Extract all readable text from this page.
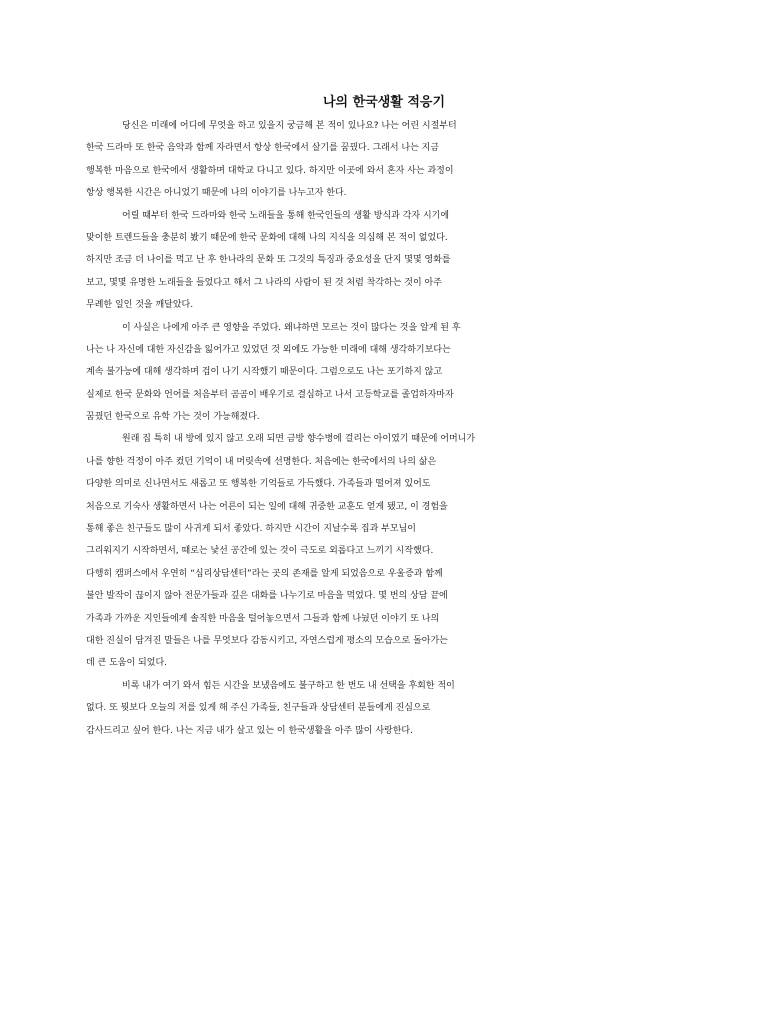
나의 한국생활 적응기
당신은 미래에 어디에 무엇을 하고 있을지 궁금해 본 적이 있나요? 나는 어린 시절부터
한국 드라마 또 한국 음악과 함께 자라면서 항상 한국에서 살기를 꿈꿨다. 그래서 나는 지금
행복한 마음으로 한국에서 생활하며 대학교 다니고 있다. 하지만 이곳에 와서 혼자 사는 과정이
항상 행복한 시간은 아니었기 때문에 나의 이야기를 나누고자 한다.
어릴 때부터 한국 드라마와 한국 노래들을 통해 한국인들의 생활 방식과 각자 시기에
맞이한 트렌드들을 충분히 봤기 때문에 한국 문화에 대해 나의 지식을 의심해 본 적이 없었다.
하지만 조금 더 나이를 먹고 난 후 한나라의 문화 또 그것의 특징과 중요성을 단지 몇몇 영화를
보고, 몇몇 유명한 노래들을 들었다고 해서 그 나라의 사람이 된 것 처럼 착각하는 것이 아주
무례한 일인 것을 깨달았다.
이 사실은 나에게 아주 큰 영향을 주었다. 왜냐하면 모르는 것이 많다는 것을 알게 된 후
나는 나 자신에 대한 자신감을 잃어가고 있었던 것 외에도 가능한 미래에 대해 생각하기보다는
계속 불가능에 대해 생각하며 겁이 나기 시작했기 때문이다. 그럼으로도 나는 포기하지 않고
실제로 한국 문화와 언어를 처음부터 곰곰이 배우기로 결심하고 나서 고등학교를 졸업하자마자
꿈꿨던 한국으로 유학 가는 것이 가능해졌다.
원래 집 특히 내 방에 있지 않고 오래 되면 금방 향수병에 걸리는 아이였기 때문에 어머니가
나를 향한 걱정이 아주 컸던 기억이 내 머릿속에 선명한다. 처음에는 한국에서의 나의 삶은
다양한 의미로 신나면서도 새롭고 또 행복한 기억들로 가득했다. 가족들과 떨어져 있어도
처음으로 기숙사 생활하면서 나는 어른이 되는 일에 대해 귀중한 교훈도 얻게 됐고, 이 경험을
통해 좋은 친구들도 많이 사귀게 되서 좋았다. 하지만 시간이 지날수록 집과 부모님이
그리워지기 시작하면서, 때로는 낯선 공간에 있는 것이 극도로 외롭다고 느끼기 시작했다.
다행히 캠퍼스에서 우연히 “심리상담센터”라는 곳의 존재를 알게 되었음으로 우울증과 함께
불안 발작이 끊이지 않아 전문가들과 깊은 대화를 나누기로 마음을 먹었다. 몇 번의 상담 끝에
가족과 가까운 지인들에게 솔직한 마음을 털어놓으면서 그들과 함께 나눴던 이야기 또 나의
대한 진실이 담겨진 말들은 나를 무엇보다 감동시키고, 자연스럽게 평소의 모습으로 돌아가는
데 큰 도움이 되었다.
비록 내가 여기 와서 힘든 시간을 보냈음에도 불구하고 한 번도 내 선택을 후회한 적이
없다. 또 뭣보다 오늘의 저를 있게 해 주신 가족들, 친구들과 상담센터 분들에게 진심으로
감사드리고 싶어 한다. 나는 지금 내가 살고 있는 이 한국생활을 아주 많이 사랑한다.
